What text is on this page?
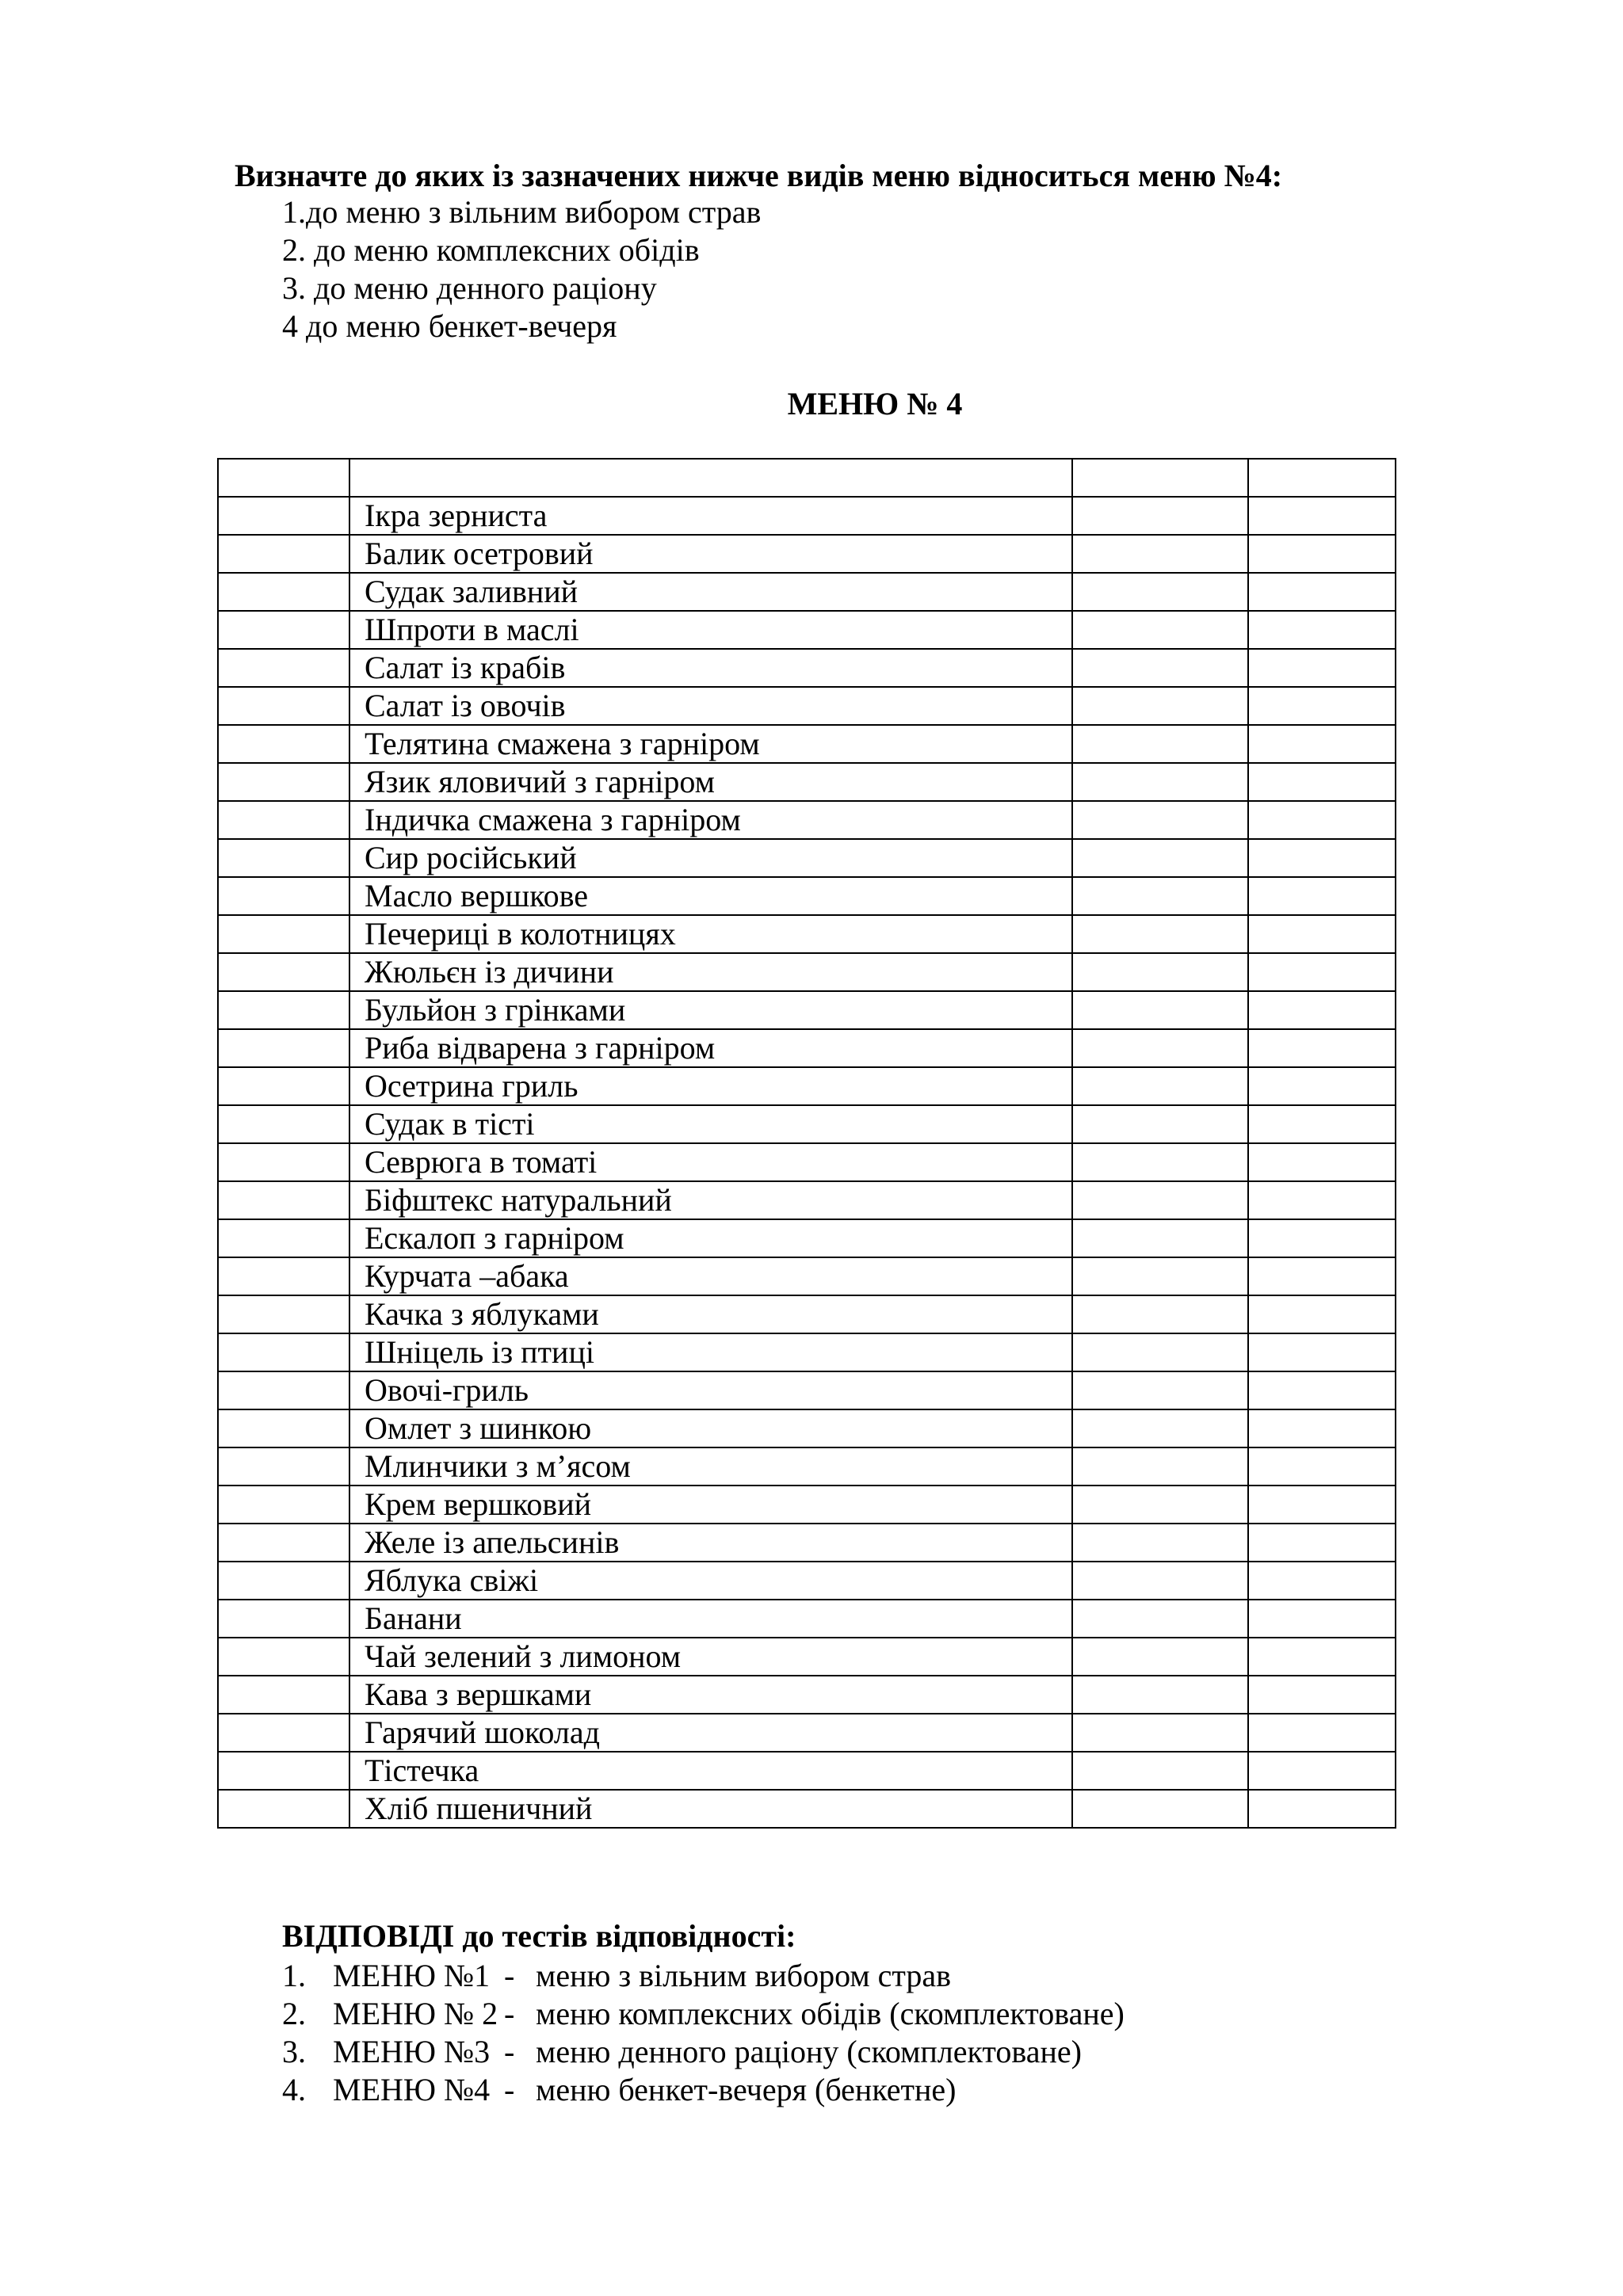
Визначте до яких із зазначених нижче видів меню відноситься меню №4:
1.до меню з вільним вибором страв
2. до меню комплексних обідів
3. до меню денного раціону
4 до меню бенкет-вечеря
МЕНЮ № 4

	Ікра зерниста		
	Балик осетровий		
	Судак заливний		
	Шпроти в маслі		
	Салат із крабів		
	Салат із овочів		
	Телятина смажена з гарніром		
	Язик яловичий з гарніром		
	Індичка смажена з гарніром		
	Сир російський		
	Масло вершкове		
	Печериці в колотницях		
	Жюльєн із дичини		
	Бульйон з грінками		
	Риба відварена з гарніром		
	Осетрина гриль		
	Судак в тісті		
	Севрюга в томаті		
	Біфштекс натуральний		
	Ескалоп з гарніром		
	Курчата –абака		
	Качка з яблуками		
	Шніцель із птиці		
	Овочі-гриль		
	Омлет з шинкою		
	Млинчики з м’ясом		
	Крем вершковий		
	Желе із апельсинів		
	Яблука свіжі		
	Банани		
	Чай зелений з лимоном		
	Кава з вершками		
	Гарячий шоколад		
	Тістечка		
	Хліб пшеничний		
ВІДПОВІДІ до тестів відповідності:
1. МЕНЮ №1 - меню з вільним вибором страв
2. МЕНЮ № 2 - меню комплексних обідів (скомплектоване)
3. МЕНЮ №3 - меню денного раціону (скомплектоване)
4. МЕНЮ №4 - меню бенкет-вечеря (бенкетне)
